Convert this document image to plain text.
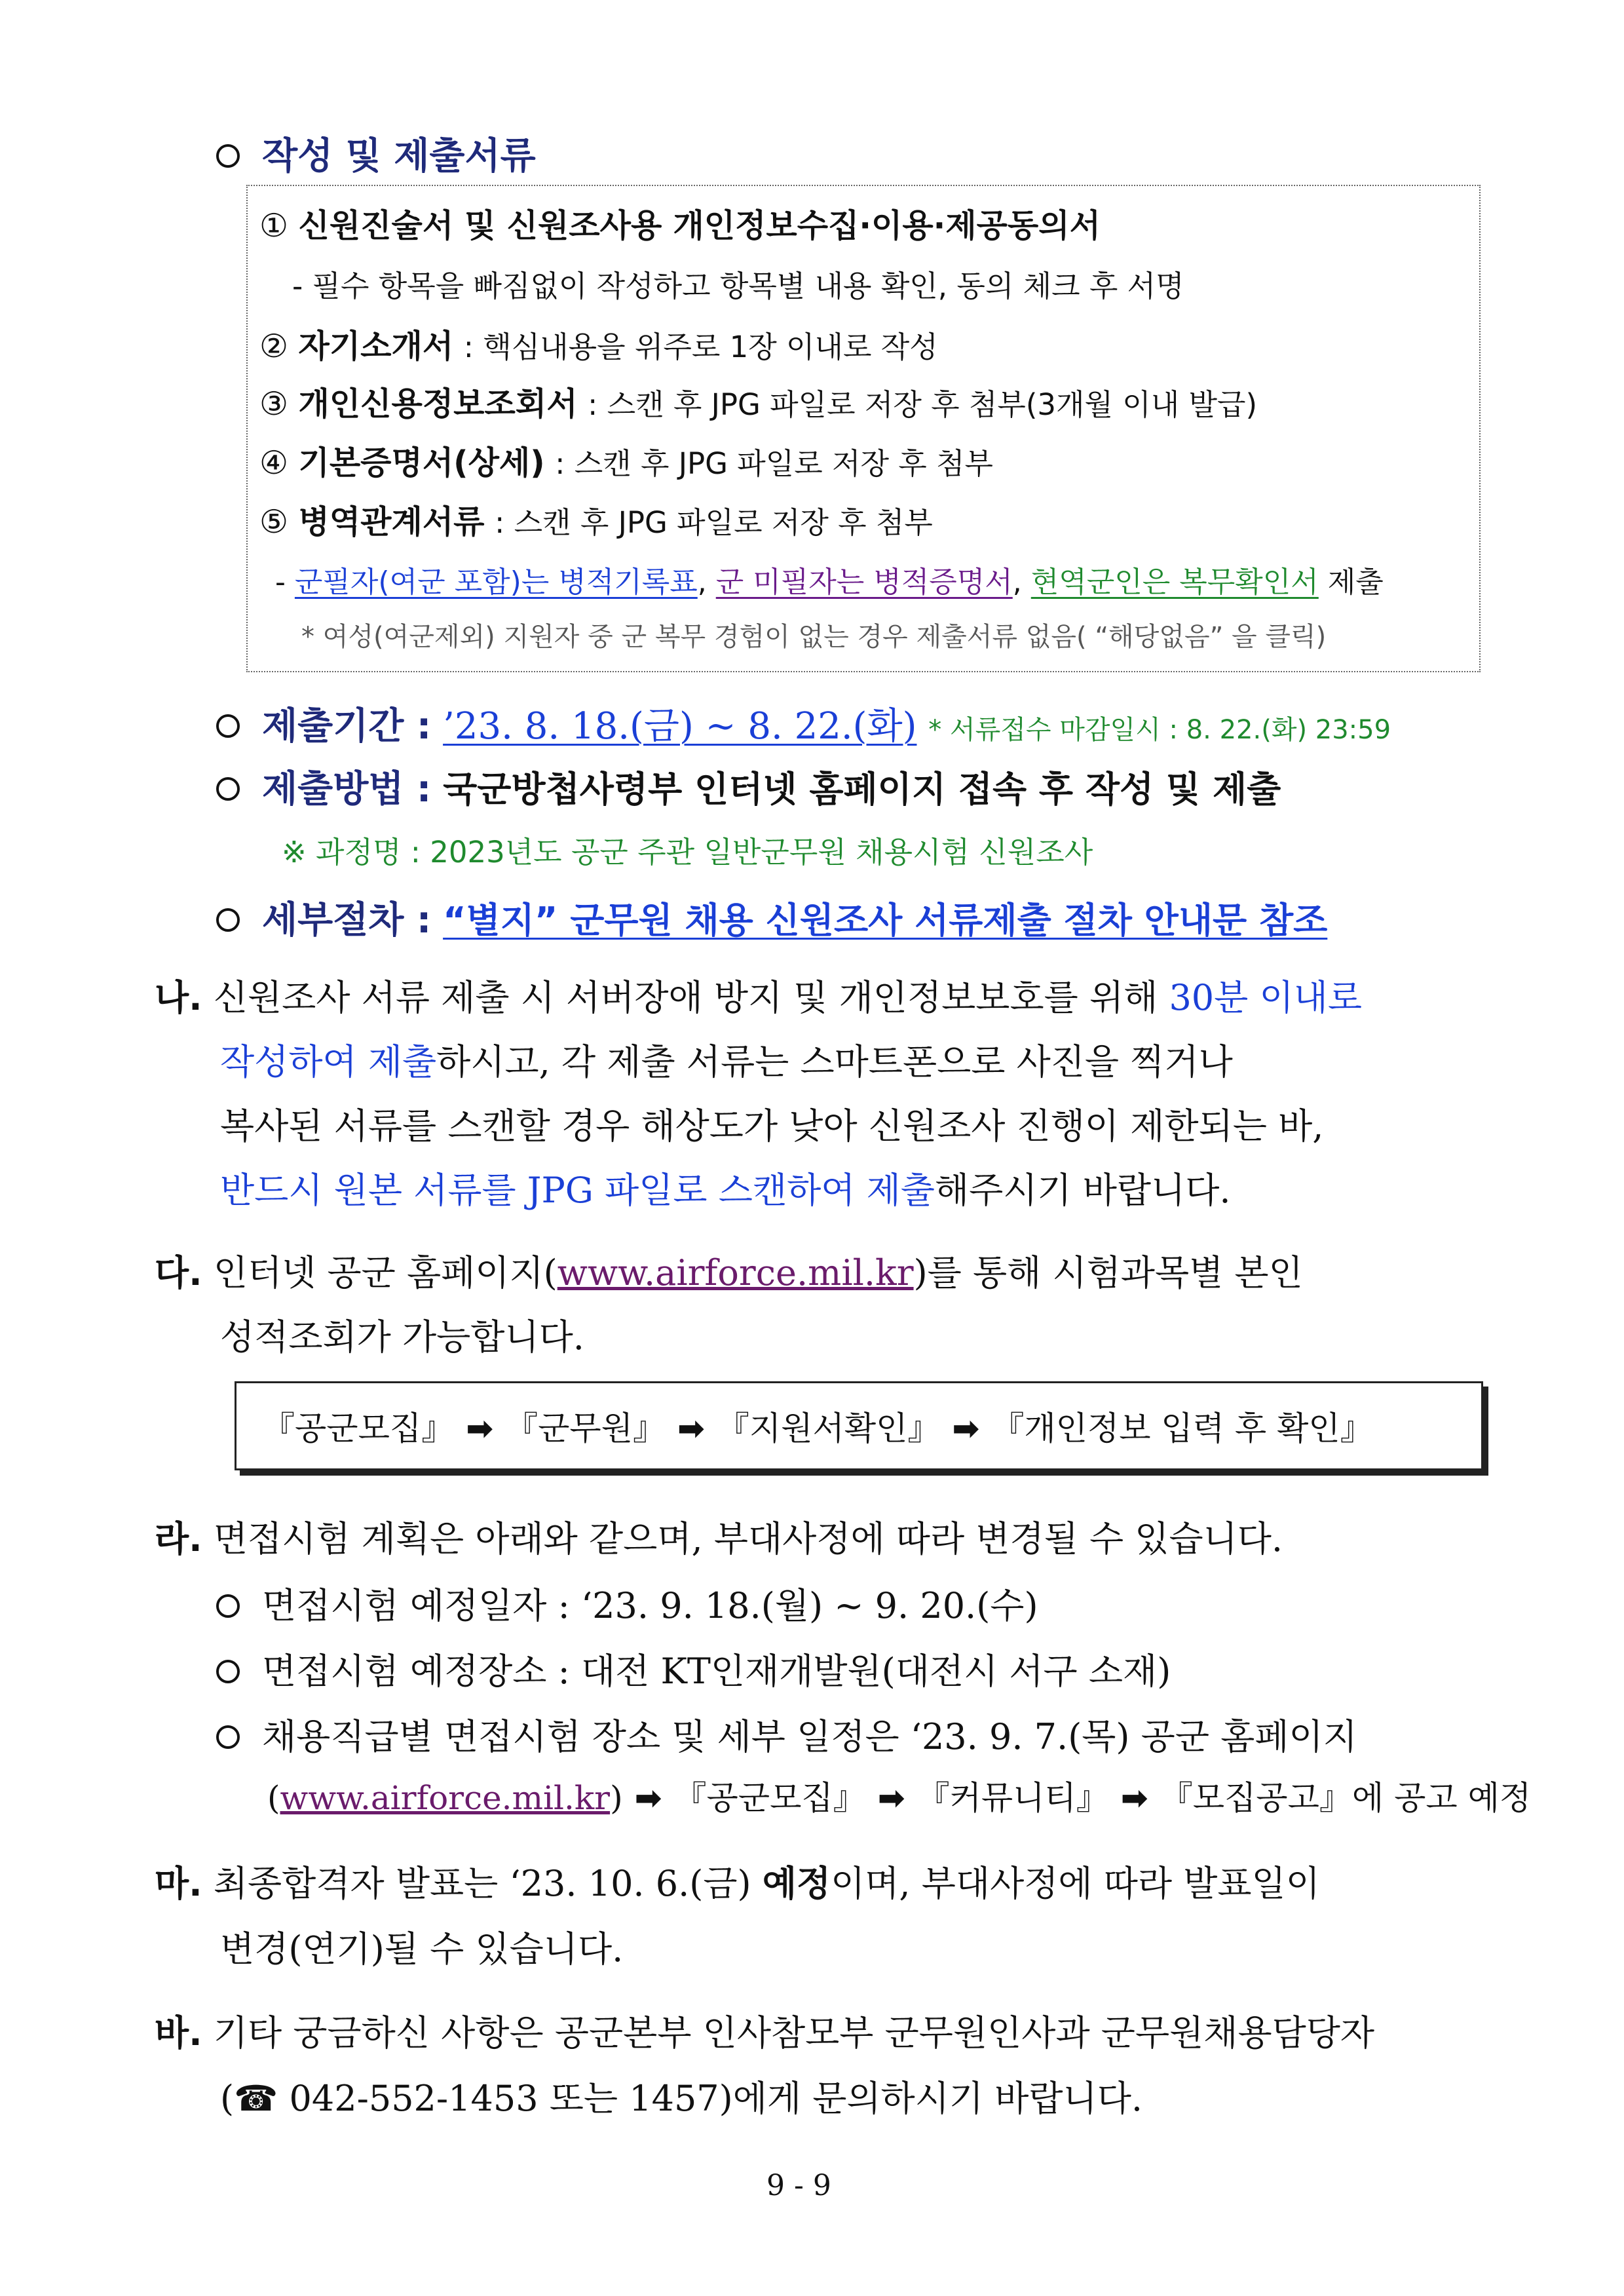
작성 및 제출서류
① 신원진술서 및 신원조사용 개인정보수집·이용·제공동의서
- 필수 항목을 빠짐없이 작성하고 항목별 내용 확인, 동의 체크 후 서명
② 자기소개서 : 핵심내용을 위주로 1장 이내로 작성
③ 개인신용정보조회서 : 스캔 후 JPG 파일로 저장 후 첨부(3개월 이내 발급)
④ 기본증명서(상세) : 스캔 후 JPG 파일로 저장 후 첨부
⑤ 병역관계서류 : 스캔 후 JPG 파일로 저장 후 첨부
- 군필자(여군 포함)는 병적기록표, 군 미필자는 병적증명서, 현역군인은 복무확인서 제출
* 여성(여군제외) 지원자 중 군 복무 경험이 없는 경우 제출서류 없음( “해당없음” 을 클릭)
제출기간 : ’23. 8. 18.(금) ~ 8. 22.(화) * 서류접수 마감일시 : 8. 22.(화) 23:59
제출방법 : 국군방첩사령부 인터넷 홈페이지 접속 후 작성 및 제출
※ 과정명 : 2023년도 공군 주관 일반군무원 채용시험 신원조사
세부절차 : “별지” 군무원 채용 신원조사 서류제출 절차 안내문 참조
나. 신원조사 서류 제출 시 서버장애 방지 및 개인정보보호를 위해 30분 이내로
작성하여 제출하시고, 각 제출 서류는 스마트폰으로 사진을 찍거나
복사된 서류를 스캔할 경우 해상도가 낮아 신원조사 진행이 제한되는 바,
반드시 원본 서류를 JPG 파일로 스캔하여 제출해주시기 바랍니다.
다. 인터넷 공군 홈페이지(www.airforce.mil.kr)를 통해 시험과목별 본인
성적조회가 가능합니다.
『공군모집』 ➡ 『군무원』 ➡ 『지원서확인』 ➡ 『개인정보 입력 후 확인』
라. 면접시험 계획은 아래와 같으며, 부대사정에 따라 변경될 수 있습니다.
면접시험 예정일자 : ‘23. 9. 18.(월) ~ 9. 20.(수)
면접시험 예정장소 : 대전 KT인재개발원(대전시 서구 소재)
채용직급별 면접시험 장소 및 세부 일정은 ‘23. 9. 7.(목) 공군 홈페이지
(www.airforce.mil.kr) ➡ 『공군모집』 ➡ 『커뮤니티』 ➡ 『모집공고』에 공고 예정
마. 최종합격자 발표는 ‘23. 10. 6.(금) 예정이며, 부대사정에 따라 발표일이
변경(연기)될 수 있습니다.
바. 기타 궁금하신 사항은 공군본부 인사참모부 군무원인사과 군무원채용담당자
(☎ 042-552-1453 또는 1457)에게 문의하시기 바랍니다.
9 - 9
